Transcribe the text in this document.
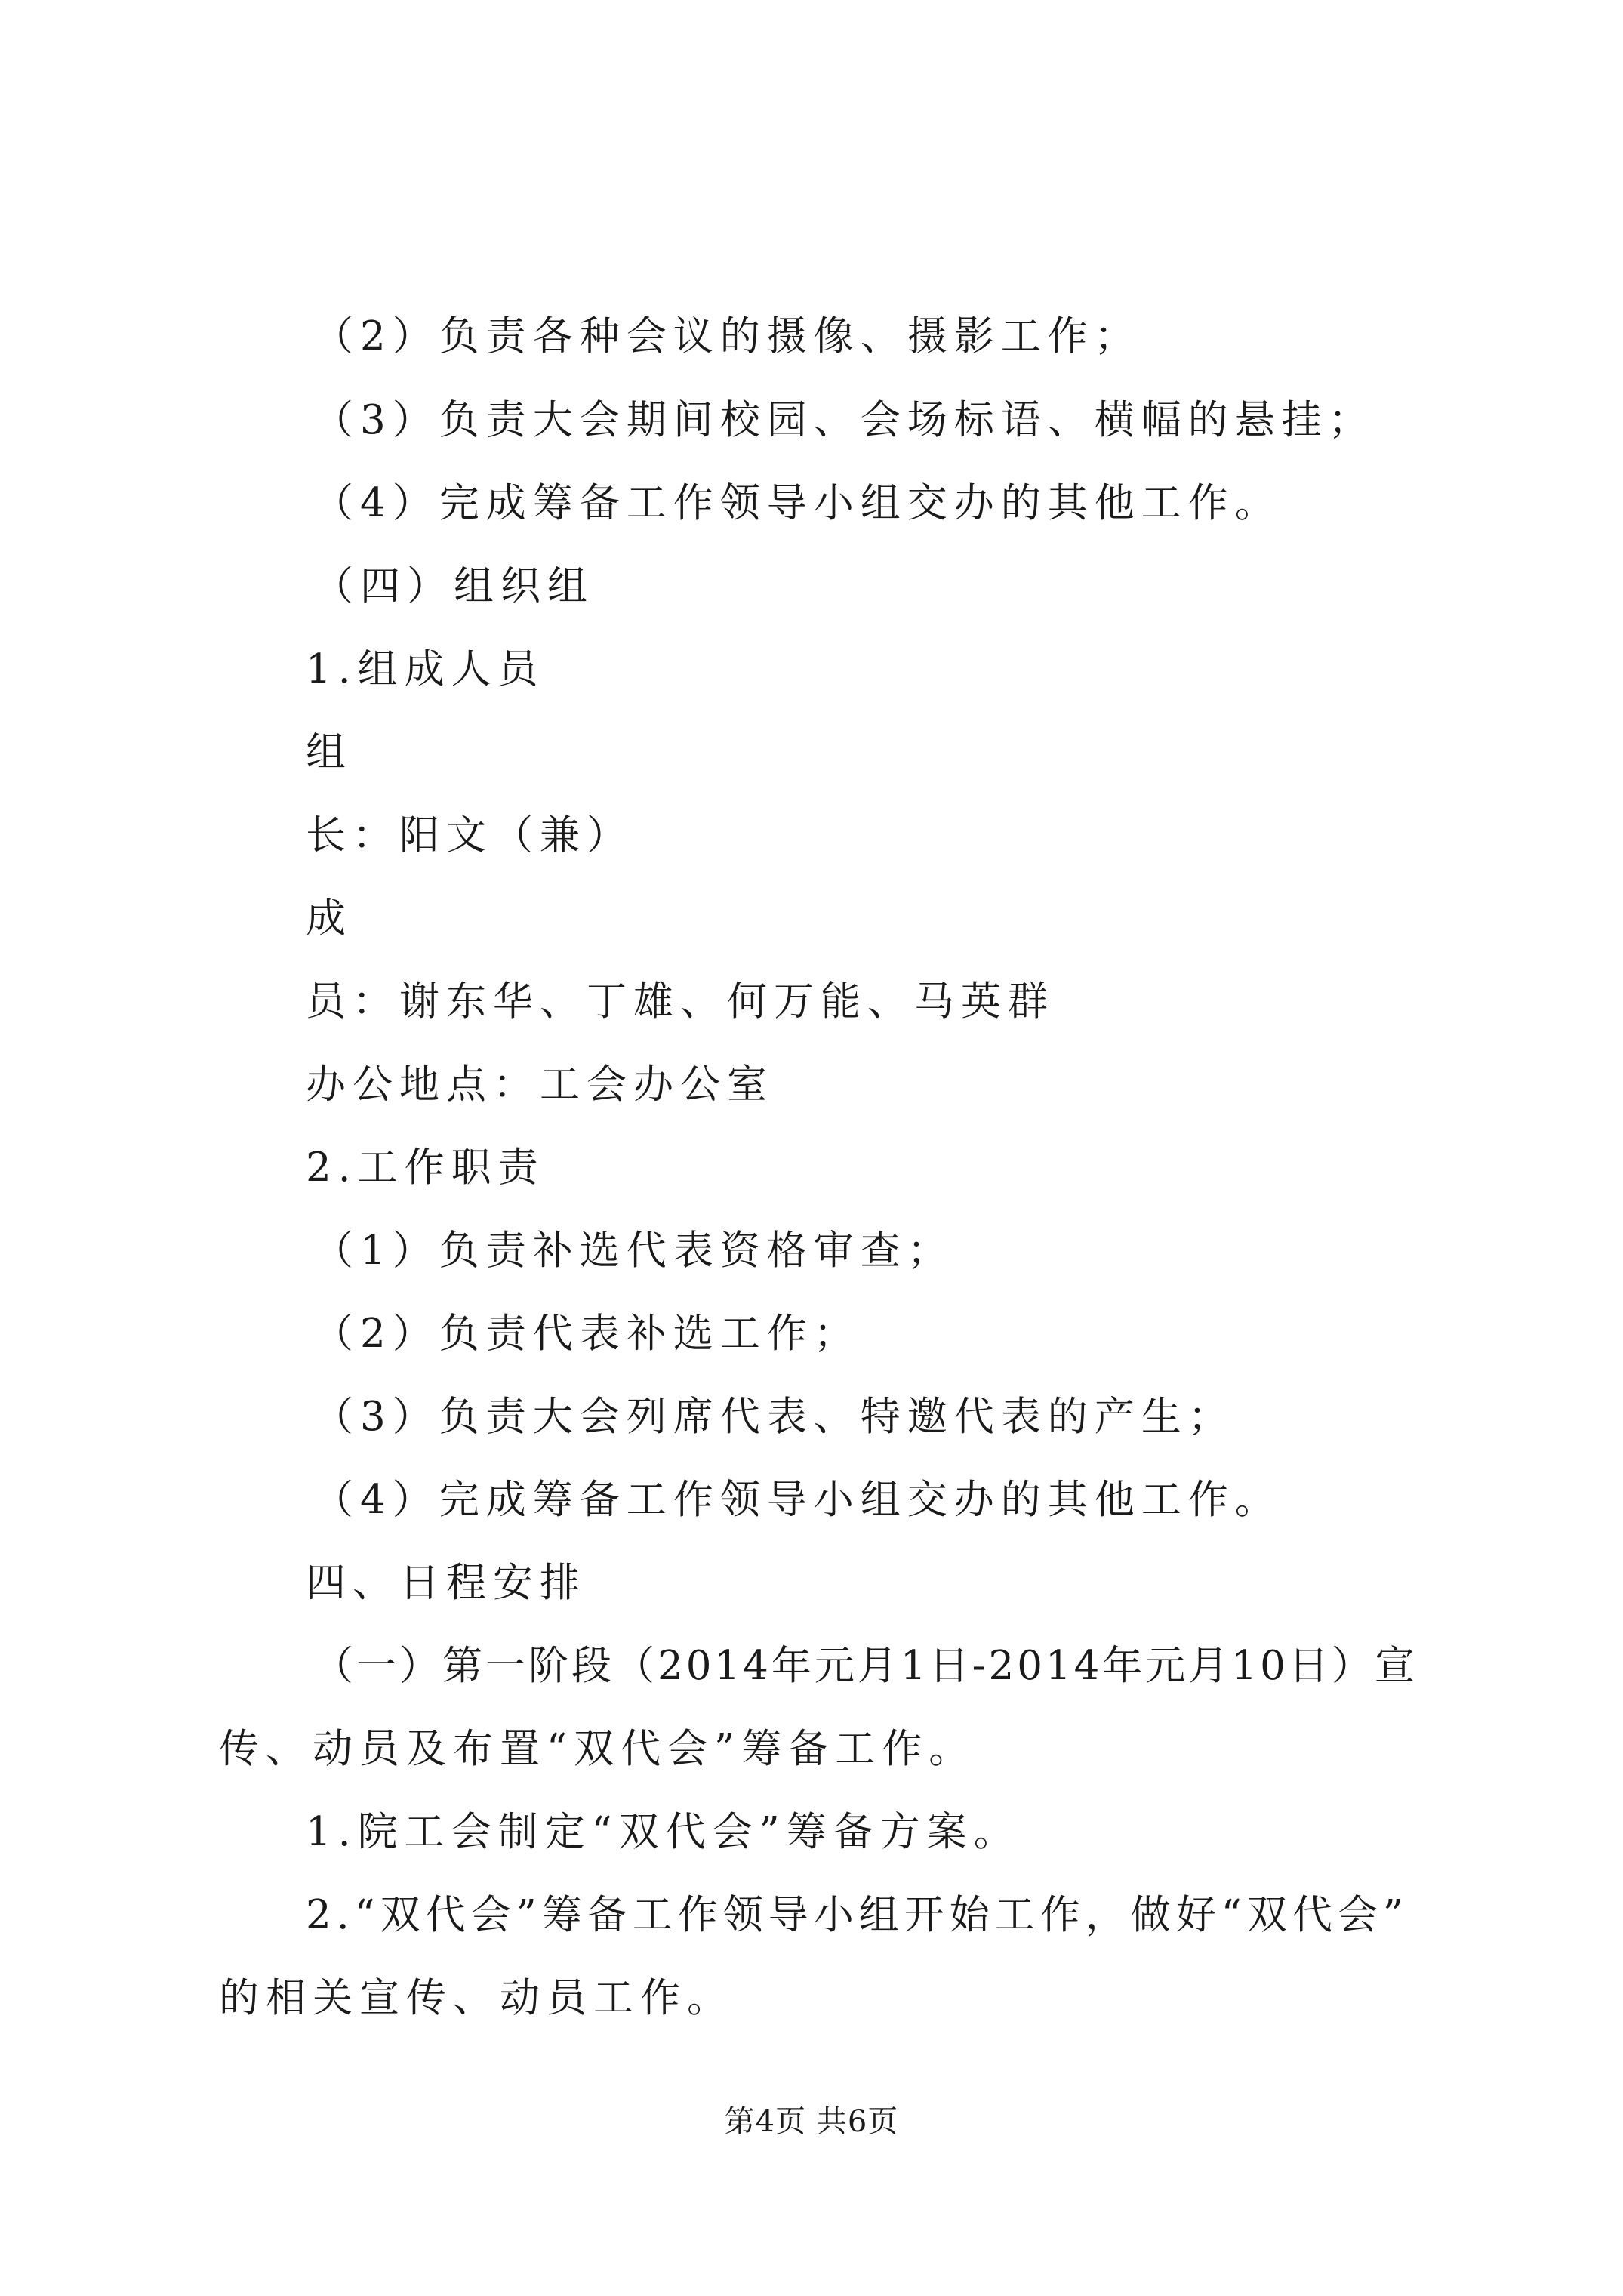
（2）负责各种会议的摄像、摄影工作；
（3）负责大会期间校园、会场标语、横幅的悬挂；
（4）完成筹备工作领导小组交办的其他工作。
（四）组织组
1.组成人员
组
长：阳文（兼）
成
员：谢东华、丁雄、何万能、马英群
办公地点：工会办公室
2.工作职责
（1）负责补选代表资格审查；
（2）负责代表补选工作；
（3）负责大会列席代表、特邀代表的产生；
（4）完成筹备工作领导小组交办的其他工作。
四、日程安排
（一）第一阶段（2014年元月1日-2014年元月10日）宣
传、动员及布置“双代会”筹备工作。
1.院工会制定“双代会”筹备方案。
2.“双代会”筹备工作领导小组开始工作，做好“双代会”
的相关宣传、动员工作。
第4页 共6页
